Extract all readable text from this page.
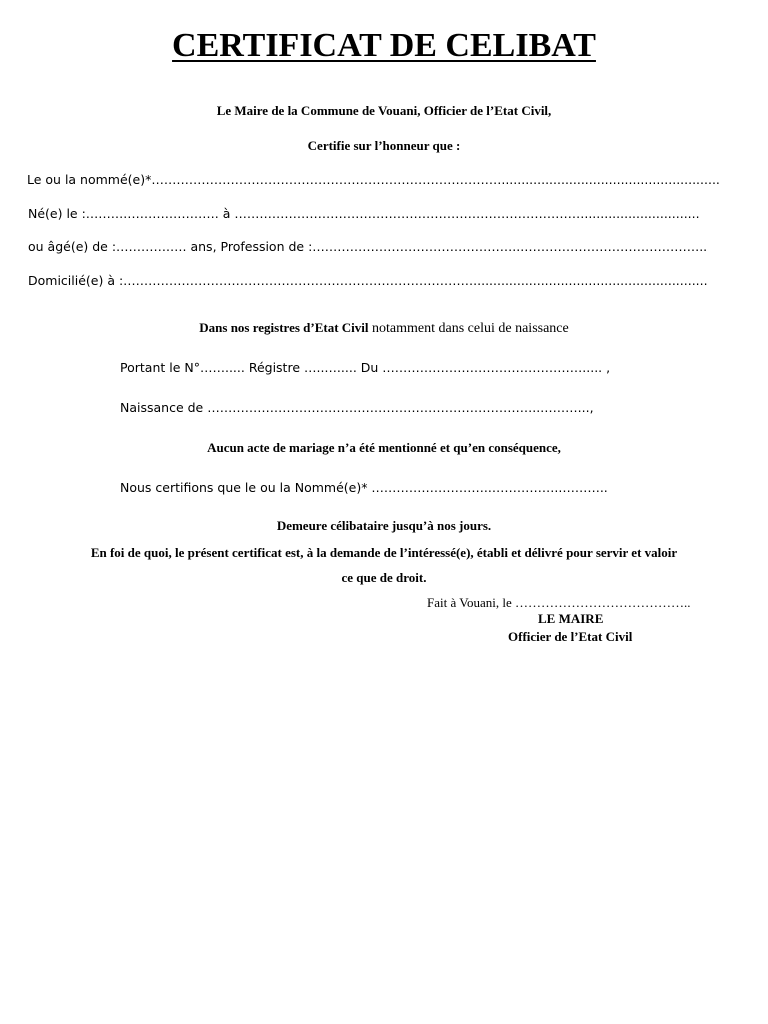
CERTIFICAT DE CELIBAT
Le Maire de la Commune de Vouani, Officier de l’Etat Civil,
Certifie sur l’honneur que :
Le ou la nommé(e)*………………………………………………………………………….......................................................
Né(e) le :……….…………………. à ………………………………………………………………………….............................
ou âgé(e) de :………….…. ans, Profession de :…………………………………………...……………………………………..
Domicilié(e) à :…………………………………………………………………………...........................................................
Dans nos registres d’Etat Civil notamment dans celui de naissance
Portant le N°……..... Régistre …..…..... Du …………………………………………..... ,
Naissance de ……………………………………………………………………..………...,
Aucun acte de mariage n’a été mentionné et qu’en conséquence,
Nous certifions que le ou la Nommé(e)* ………………………..……………..………..
Demeure célibataire jusqu’à nos jours.
En foi de quoi, le présent certificat est, à la demande de l’intéressé(e), établi et délivré pour servir et valoir
ce que de droit.
Fait à Vouani, le …………………………………..
LE MAIRE
Officier de l’Etat Civil
